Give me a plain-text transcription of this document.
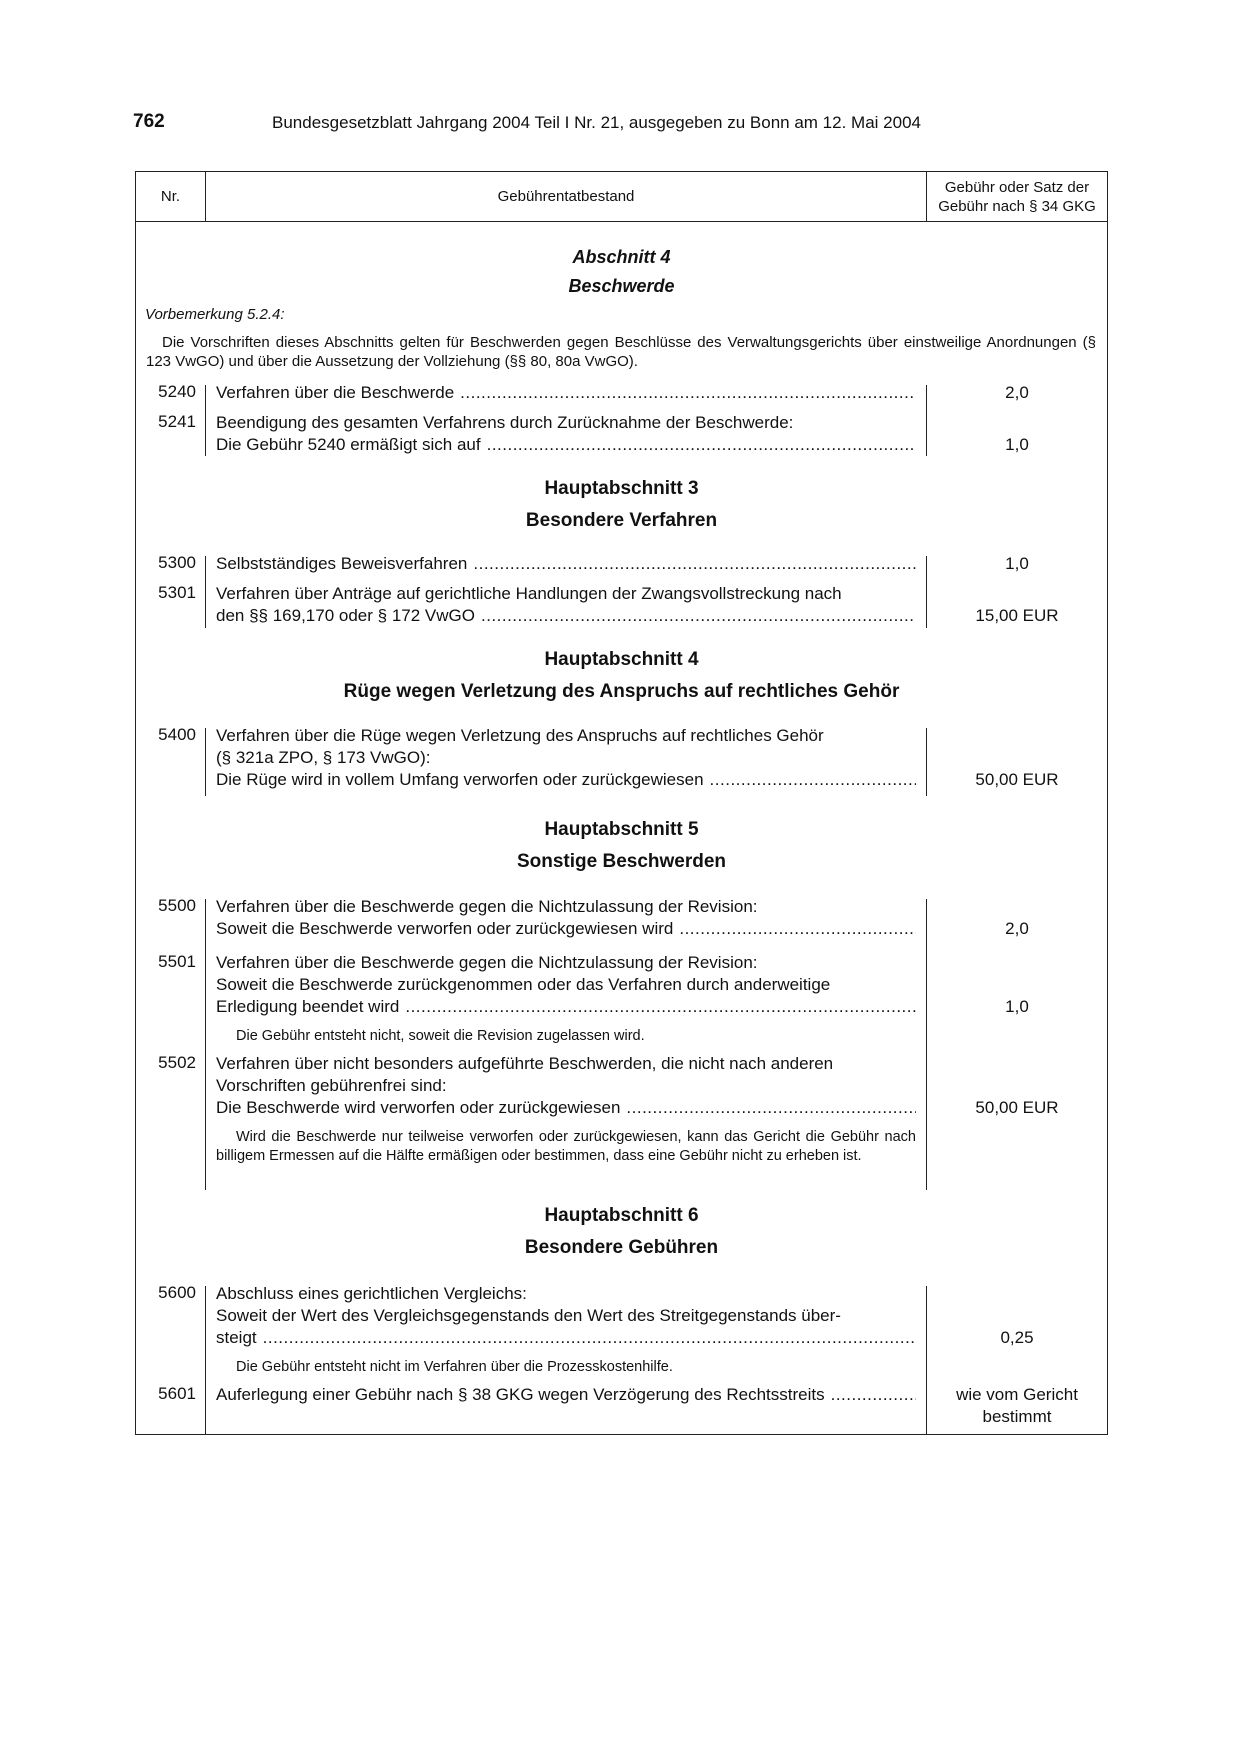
762	Bundesgesetzblatt Jahrgang 2004 Teil I Nr. 21, ausgegeben zu Bonn am 12. Mai 2004
Nr.	Gebührentatbestand
Gebühr oder Satz der
Gebühr nach § 34 GKG
Abschnitt 4
Beschwerde
Vorbemerkung 5.2.4:
Die Vorschriften dieses Abschnitts gelten für Beschwerden gegen Beschlüsse des Verwaltungsgerichts über einstweilige Anordnungen (§ 123 VwGO) und über die Aussetzung der Vollziehung (§§ 80, 80a VwGO).
5240 Verfahren über die Beschwerde .....	2,0
5241 Beendigung des gesamten Verfahrens durch Zurücknahme der Beschwerde:
Die Gebühr 5240 ermäßigt sich auf .....	1,0
Hauptabschnitt 3
Besondere Verfahren
5300 Selbstständiges Beweisverfahren .....	1,0
5301 Verfahren über Anträge auf gerichtliche Handlungen der Zwangsvollstreckung nach
den §§ 169,170 oder § 172 VwGO .....	15,00 EUR
Hauptabschnitt 4
Rüge wegen Verletzung des Anspruchs auf rechtliches Gehör
5400 Verfahren über die Rüge wegen Verletzung des Anspruchs auf rechtliches Gehör
(§ 321a ZPO, § 173 VwGO):
Die Rüge wird in vollem Umfang verworfen oder zurückgewiesen .....	50,00 EUR
Hauptabschnitt 5
Sonstige Beschwerden
5500 Verfahren über die Beschwerde gegen die Nichtzulassung der Revision:
Soweit die Beschwerde verworfen oder zurückgewiesen wird .....	2,0
5501 Verfahren über die Beschwerde gegen die Nichtzulassung der Revision:
Soweit die Beschwerde zurückgenommen oder das Verfahren durch anderweitige
Erledigung beendet wird .....	1,0
Die Gebühr entsteht nicht, soweit die Revision zugelassen wird.
5502 Verfahren über nicht besonders aufgeführte Beschwerden, die nicht nach anderen
Vorschriften gebührenfrei sind:
Die Beschwerde wird verworfen oder zurückgewiesen .....	50,00 EUR
Wird die Beschwerde nur teilweise verworfen oder zurückgewiesen, kann das Gericht die Gebühr nach billigem Ermessen auf die Hälfte ermäßigen oder bestimmen, dass eine Gebühr nicht zu erheben ist.
Hauptabschnitt 6
Besondere Gebühren
5600 Abschluss eines gerichtlichen Vergleichs:
Soweit der Wert des Vergleichsgegenstands den Wert des Streitgegenstands über-
steigt .....	0,25
Die Gebühr entsteht nicht im Verfahren über die Prozesskostenhilfe.
5601 Auferlegung einer Gebühr nach § 38 GKG wegen Verzögerung des Rechtsstreits .....	wie vom Gericht
bestimmt
